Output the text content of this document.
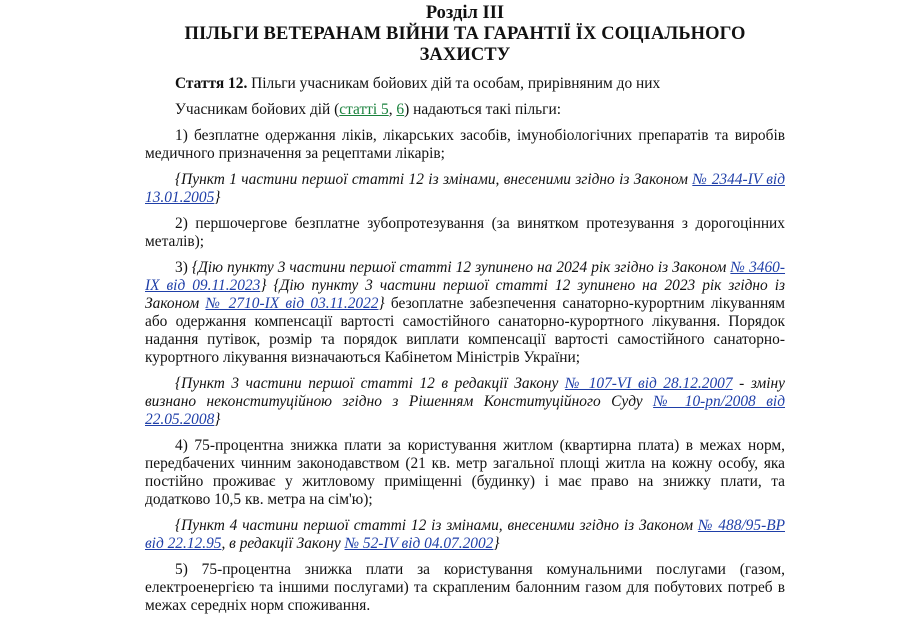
Розділ III
ПІЛЬГИ ВЕТЕРАНАМ ВІЙНИ ТА ГАРАНТІЇ ЇХ СОЦІАЛЬНОГО ЗАХИСТУ

Стаття 12. Пільги учасникам бойових дій та особам, прирівняним до них

Учасникам бойових дій (статті 5, 6) надаються такі пільги:

1) безплатне одержання ліків, лікарських засобів, імунобіологічних препаратів та виробів медичного призначення за рецептами лікарів;

{Пункт 1 частини першої статті 12 із змінами, внесеними згідно із Законом № 2344-IV від 13.01.2005}

2) першочергове безплатне зубопротезування (за винятком протезування з дорогоцінних металів);

3) {Дію пункту 3 частини першої статті 12 зупинено на 2024 рік згідно із Законом № 3460-IX від 09.11.2023} {Дію пункту 3 частини першої статті 12 зупинено на 2023 рік згідно із Законом № 2710-IX від 03.11.2022} безоплатне забезпечення санаторно-курортним лікуванням або одержання компенсації вартості самостійного санаторно-курортного лікування. Порядок надання путівок, розмір та порядок виплати компенсації вартості самостійного санаторно-курортного лікування визначаються Кабінетом Міністрів України;

{Пункт 3 частини першої статті 12 в редакції Закону № 107-VI від 28.12.2007 - зміну визнано неконституційною згідно з Рішенням Конституційного Суду № 10-рп/2008 від 22.05.2008}

4) 75-процентна знижка плати за користування житлом (квартирна плата) в межах норм, передбачених чинним законодавством (21 кв. метр загальної площі житла на кожну особу, яка постійно проживає у житловому приміщенні (будинку) і має право на знижку плати, та додатково 10,5 кв. метра на сім'ю);

{Пункт 4 частини першої статті 12 із змінами, внесеними згідно із Законом № 488/95-ВР від 22.12.95, в редакції Закону № 52-IV від 04.07.2002}

5) 75-процентна знижка плати за користування комунальними послугами (газом, електроенергією та іншими послугами) та скрапленим балонним газом для побутових потреб в межах середніх норм споживання.
